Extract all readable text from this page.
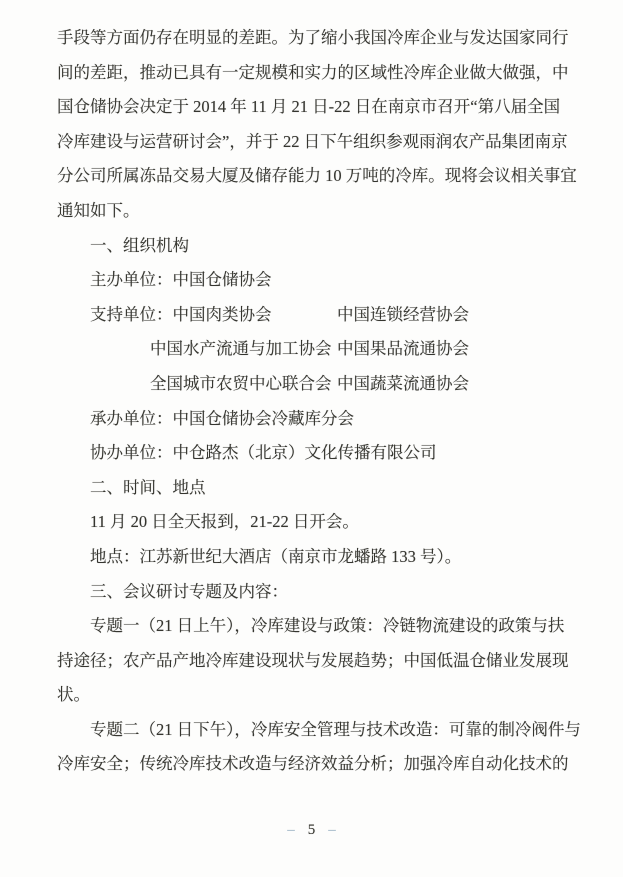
手段等方面仍存在明显的差距。为了缩小我国冷库企业与发达国家同行
间的差距，推动已具有一定规模和实力的区域性冷库企业做大做强，中
国仓储协会决定于 2014 年 11 月 21 日-22 日在南京市召开“第八届全国
冷库建设与运营研讨会”，并于 22 日下午组织参观雨润农产品集团南京
分公司所属冻品交易大厦及储存能力 10 万吨的冷库。现将会议相关事宜
通知如下。
一、组织机构
主办单位：中国仓储协会
支持单位：中国肉类协会	中国连锁经营协会
中国水产流通与加工协会 中国果品流通协会
全国城市农贸中心联合会 中国蔬菜流通协会
承办单位：中国仓储协会冷藏库分会
协办单位：中仓路杰（北京）文化传播有限公司
二、时间、地点
11 月 20 日全天报到，21-22 日开会。
地点：江苏新世纪大酒店（南京市龙蟠路 133 号）。
三、会议研讨专题及内容：
专题一（21 日上午），冷库建设与政策：冷链物流建设的政策与扶
持途径；农产品产地冷库建设现状与发展趋势；中国低温仓储业发展现
状。
专题二（21 日下午），冷库安全管理与技术改造：可靠的制冷阀件与
冷库安全；传统冷库技术改造与经济效益分析；加强冷库自动化技术的
– 5 –
